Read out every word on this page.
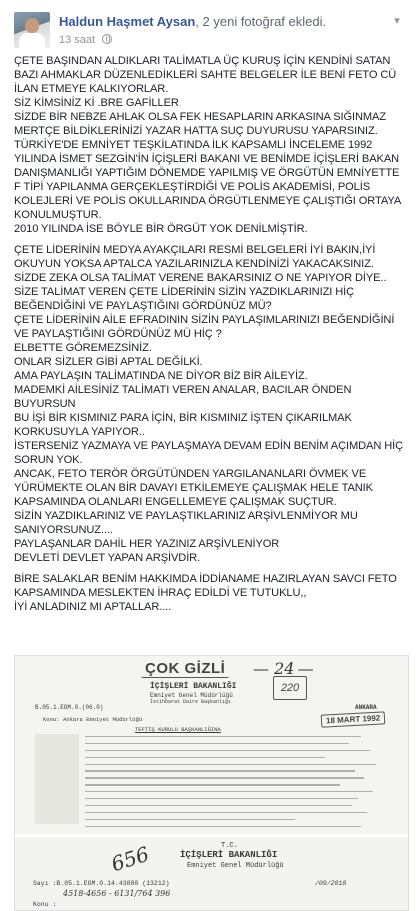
Haldun Haşmet Aysan, 2 yeni fotoğraf ekledi.
13 saat
▾

ÇETE BAŞINDAN ALDIKLARI TALİMATLA ÜÇ KURUŞ İÇİN KENDİNİ SATAN

BAZI AHMAKLAR DÜZENLEDİKLERİ SAHTE BELGELER İLE BENİ FETO CÜ

İLAN ETMEYE KALKIYORLAR.

SİZ KİMSİNİZ Kİ .BRE GAFİLLER

SİZDE BİR NEBZE AHLAK OLSA FEK HESAPLARIN ARKASINA SIĞINMAZ

MERTÇE BİLDİKLERİNİZİ YAZAR HATTA SUÇ DUYURUSU YAPARSINIZ.

TÜRKİYE'DE EMNİYET TEŞKİLATINDA İLK KAPSAMLI İNCELEME 1992

YILINDA İSMET SEZGİN'İN İÇİŞLERİ BAKANI VE BENİMDE İÇİŞLERİ BAKAN

DANIŞMANLIĞI YAPTIĞIM DÖNEMDE YAPILMIŞ VE ÖRGÜTÜN EMNİYETTE

F TİPİ YAPILANMA GERÇEKLEŞTİRDİĞİ VE POLİS AKADEMİSİ, POLİS

KOLEJLERİ VE POLİS OKULLARINDA ÖRGÜTLENMEYE ÇALIŞTIĞI ORTAYA

KONULMUŞTUR.

2010 YILINDA İSE BÖYLE BİR ÖRGÜT YOK DENİLMİŞTİR.

ÇETE LİDERİNİN MEDYA AYAKÇILARI RESMİ BELGELERİ İYİ BAKIN,İYİ

OKUYUN YOKSA APTALCA YAZILARINIZLA KENDİNİZİ YAKACAKSINIZ.

SİZDE ZEKA OLSA TALİMAT VERENE BAKARSINIZ O NE YAPIYOR DİYE..

SİZE TALİMAT VEREN ÇETE LİDERİNİN SİZİN YAZDIKLARINIZI HİÇ

BEĞENDİĞİNİ VE PAYLAŞTIĞINI GÖRDÜNÜZ MÜ?

ÇETE LİDERİNİN AİLE EFRADININ SİZİN PAYLAŞIMLARINIZI BEĞENDİĞİNİ

VE PAYLAŞTIĞINI GÖRDÜNÜZ MÜ HİÇ ?

ELBETTE GÖREMEZSİNİZ.

ONLAR SİZLER GİBİ APTAL DEĞİLKİ.

AMA PAYLAŞIN TALİMATINDA NE DİYOR BİZ BİR AİLEYİZ.

MADEMKİ AİLESİNİZ TALİMATI VEREN ANALAR, BACILAR ÖNDEN

BUYURSUN

BU İŞİ BİR KISMINIZ PARA İÇİN, BİR KISMINIZ İŞTEN ÇIKARILMAK

KORKUSUYLA YAPIYOR..

İSTERSENİZ YAZMAYA VE PAYLAŞMAYA DEVAM EDİN BENİM AÇIMDAN HİÇ

SORUN YOK.

ANCAK, FETO TERÖR ÖRGÜTÜNDEN YARGILANANLARI ÖVMEK VE

YÜRÜMEKTE OLAN BİR DAVAYI ETKİLEMEYE ÇALIŞMAK HELE TANIK

KAPSAMINDA OLANLARI ENGELLEMEYE ÇALIŞMAK SUÇTUR.

SİZİN YAZDIKLARINIZ VE PAYLAŞTIKLARINIZ ARŞİVLENMİYOR MU

SANIYORSUNUZ....

PAYLAŞANLAR DAHİL HER YAZINIZ ARŞİVLENİYOR

DEVLETİ DEVLET YAPAN ARŞİVDİR.

BİRE SALAKLAR BENİM HAKKIMDA İDDİANAME HAZIRLAYAN SAVCI FETO

KAPSAMINDA MESLEKTEN İHRAÇ EDİLDİ VE TUTUKLU,,

İYİ ANLADINIZ MI APTALLAR....

ÇOK GİZLİ — 24 —
İÇİŞLERİ BAKANLIĞI
Emniyet Genel Müdürlüğü
İstihbarat Daire Başkanlığı
220
ANKARA
B.05.1.EGM.0.(06.0)
18 MART 1992
Konu: Ankara Emniyet Müdürlüğü
TEFTİŞ KURULU BAŞKANLIĞINA
T.C.
İÇİŞLERİ BAKANLIĞI
Emniyet Genel Müdürlüğü
656
Sayı :B.05.1.EGM.0.14.43880 (13212)	/09/2010
4518-4656 - 6131/764 396
Konu :
